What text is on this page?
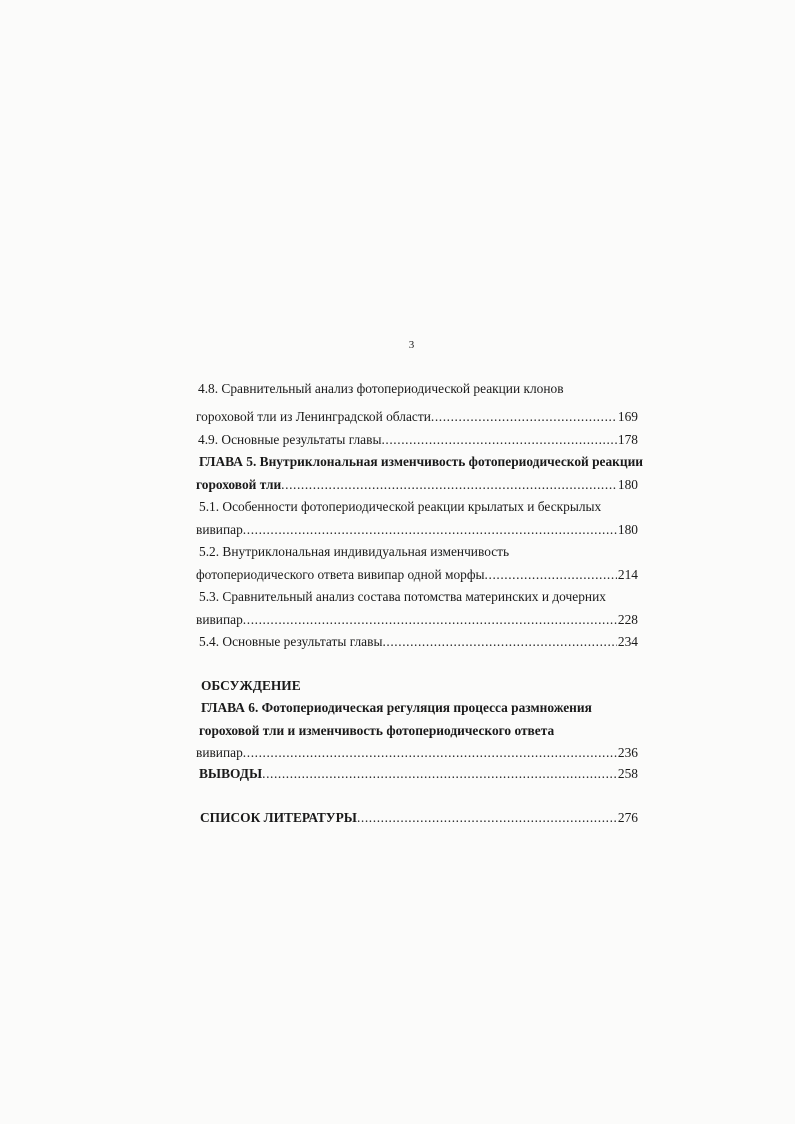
3
4.8. Сравнительный анализ фотопериодической реакции клонов
гороховой тли из Ленинградской области .....	169
4.9. Основные результаты главы .....	178
ГЛАВА 5. Внутриклональная изменчивость фотопериодической реакции
гороховой тли .....	180
5.1. Особенности фотопериодической реакции крылатых и бескрылых
вивипар .....	180
5.2. Внутриклональная индивидуальная изменчивость
фотопериодического ответа вивипар одной морфы .....	214
5.3. Сравнительный анализ состава потомства материнских и дочерних
вивипар .....	228
5.4. Основные результаты главы .....	234
ОБСУЖДЕНИЕ
ГЛАВА 6. Фотопериодическая регуляция процесса размножения
гороховой тли и изменчивость фотопериодического ответа
вивипар .....	236
ВЫВОДЫ .....	258
СПИСОК ЛИТЕРАТУРЫ .....	276
